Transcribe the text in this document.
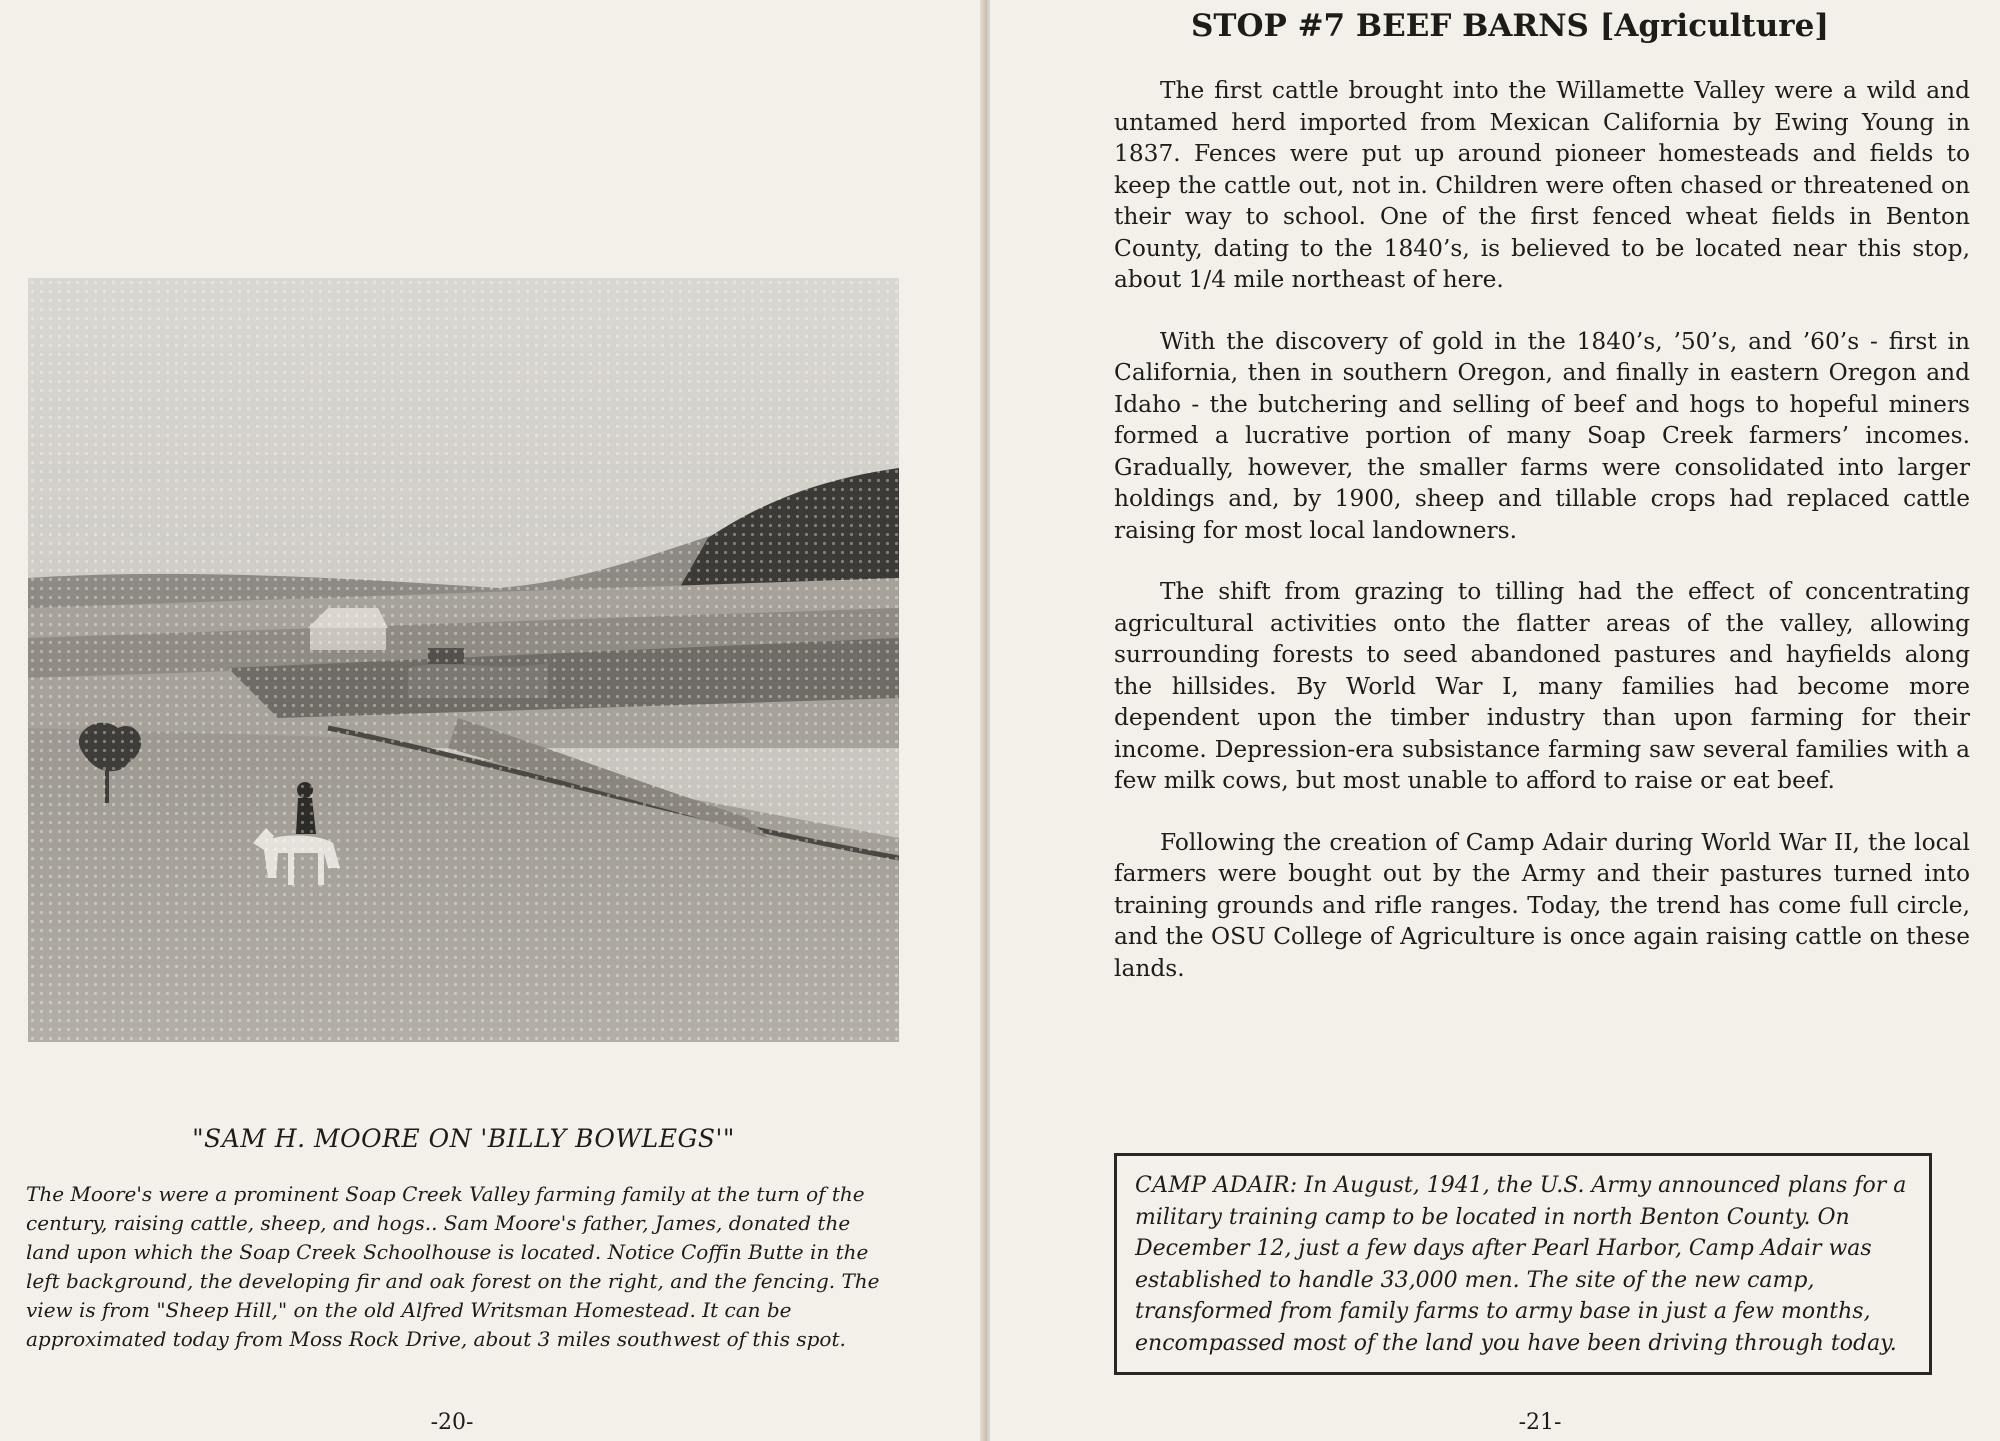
"SAM H. MOORE ON 'BILLY BOWLEGS'"

The Moore's were a prominent Soap Creek Valley farming family at the turn of the century, raising cattle, sheep, and hogs.. Sam Moore's father, James, donated the land upon which the Soap Creek Schoolhouse is located. Notice Coffin Butte in the left background, the developing fir and oak forest on the right, and the fencing. The view is from "Sheep Hill," on the old Alfred Writsman Homestead. It can be approximated today from Moss Rock Drive, about 3 miles southwest of this spot.

-20-
STOP #7 BEEF BARNS [Agriculture]

The first cattle brought into the Willamette Valley were a wild and untamed herd imported from Mexican California by Ewing Young in 1837. Fences were put up around pioneer homesteads and fields to keep the cattle out, not in. Children were often chased or threatened on their way to school. One of the first fenced wheat fields in Benton County, dating to the 1840’s, is believed to be located near this stop, about 1/4 mile northeast of here.

With the discovery of gold in the 1840’s, ’50’s, and ’60’s - first in California, then in southern Oregon, and finally in eastern Oregon and Idaho - the butchering and selling of beef and hogs to hopeful miners formed a lucrative portion of many Soap Creek farmers’ incomes. Gradually, however, the smaller farms were consolidated into larger holdings and, by 1900, sheep and tillable crops had replaced cattle raising for most local landowners.

The shift from grazing to tilling had the effect of concentrating agricultural activities onto the flatter areas of the valley, allowing surrounding forests to seed abandoned pastures and hayfields along the hillsides. By World War I, many families had become more dependent upon the timber industry than upon farming for their income. Depression-era subsistance farming saw several families with a few milk cows, but most unable to afford to raise or eat beef.

Following the creation of Camp Adair during World War II, the local farmers were bought out by the Army and their pastures turned into training grounds and rifle ranges. Today, the trend has come full circle, and the OSU College of Agriculture is once again raising cattle on these lands.

CAMP ADAIR: In August, 1941, the U.S. Army announced plans for a military training camp to be located in north Benton County. On December 12, just a few days after Pearl Harbor, Camp Adair was established to handle 33,000 men. The site of the new camp, transformed from family farms to army base in just a few months, encompassed most of the land you have been driving through today.
-21-
